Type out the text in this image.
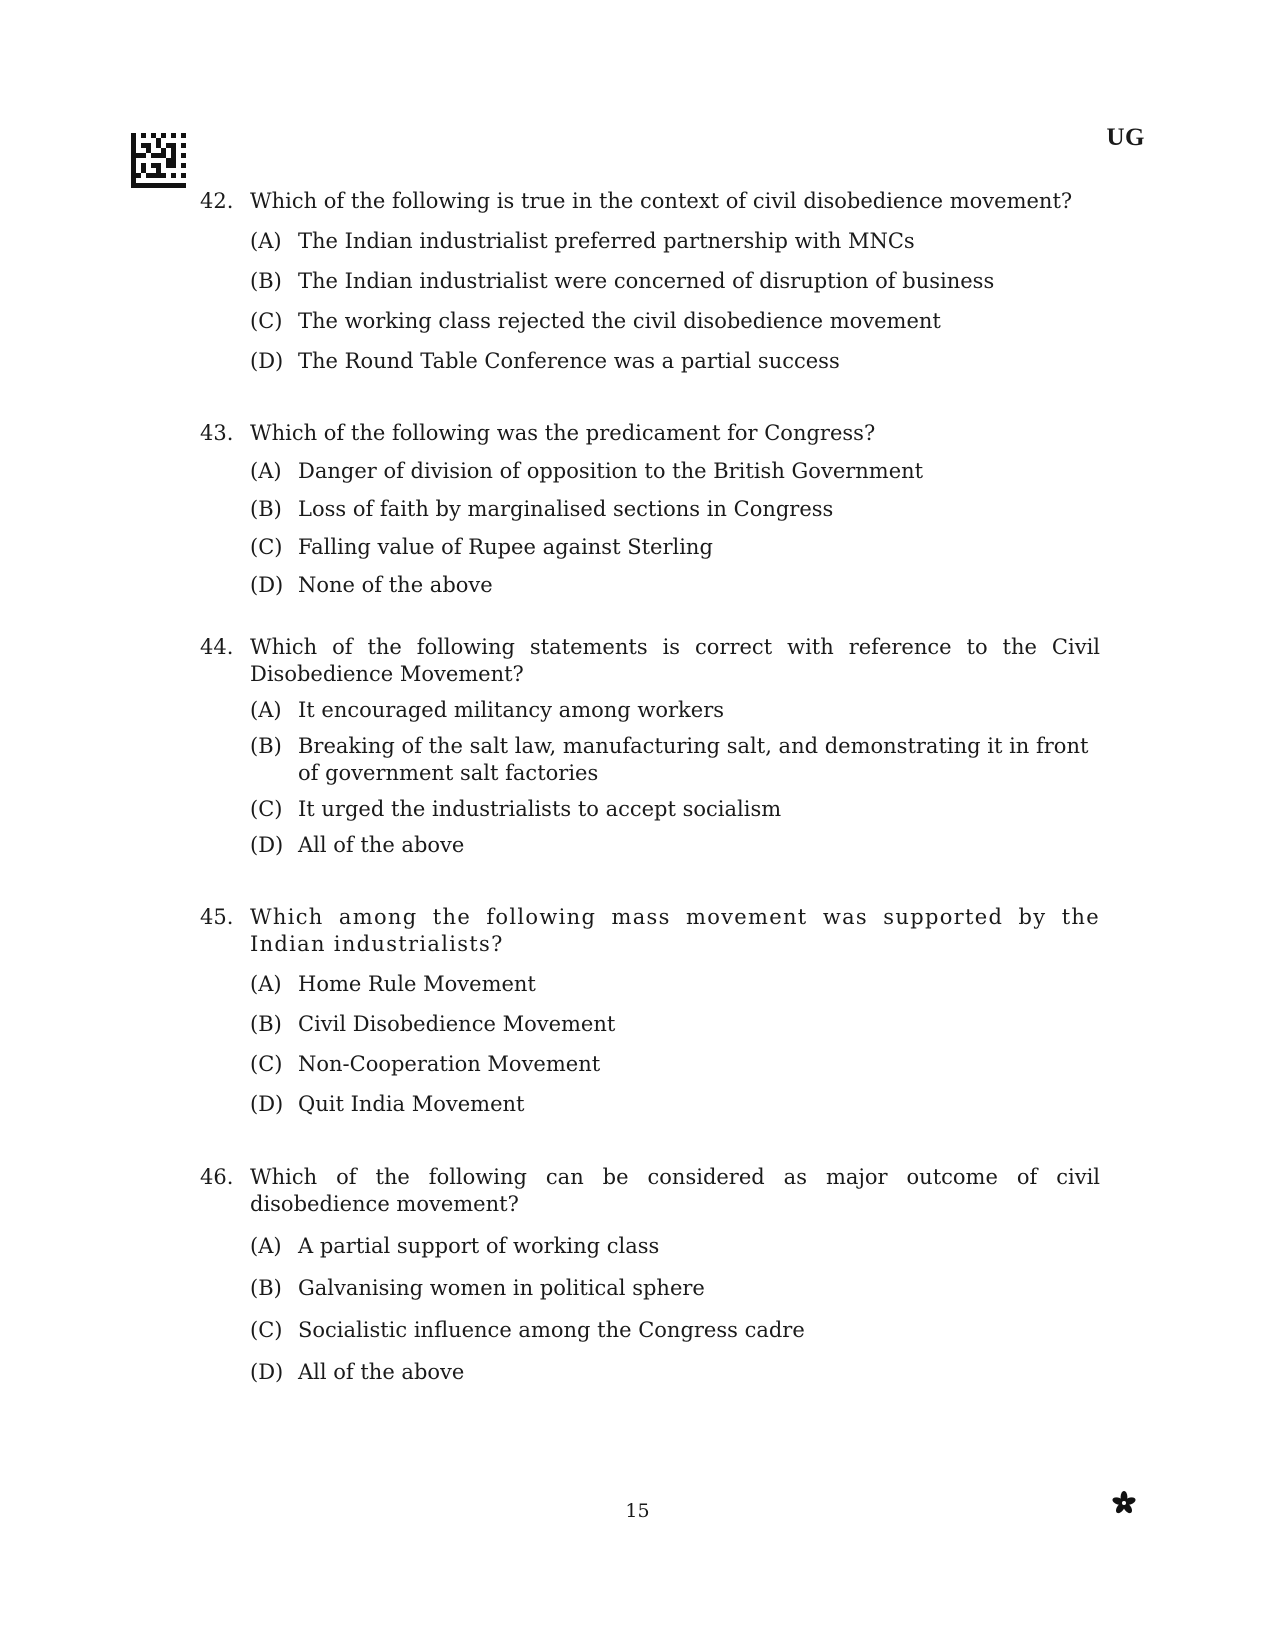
UG
42. Which of the following is true in the context of civil disobedience movement?
(A) The Indian industrialist preferred partnership with MNCs
(B) The Indian industrialist were concerned of disruption of business
(C) The working class rejected the civil disobedience movement
(D) The Round Table Conference was a partial success
43. Which of the following was the predicament for Congress?
(A) Danger of division of opposition to the British Government
(B) Loss of faith by marginalised sections in Congress
(C) Falling value of Rupee against Sterling
(D) None of the above
44. Which of the following statements is correct with reference to the Civil Disobedience Movement?
(A) It encouraged militancy among workers
(B) Breaking of the salt law, manufacturing salt, and demonstrating it in front of government salt factories
(C) It urged the industrialists to accept socialism
(D) All of the above
45. Which among the following mass movement was supported by the Indian industrialists?
(A) Home Rule Movement
(B) Civil Disobedience Movement
(C) Non-Cooperation Movement
(D) Quit India Movement
46. Which of the following can be considered as major outcome of civil disobedience movement?
(A) A partial support of working class
(B) Galvanising women in political sphere
(C) Socialistic influence among the Congress cadre
(D) All of the above
15
